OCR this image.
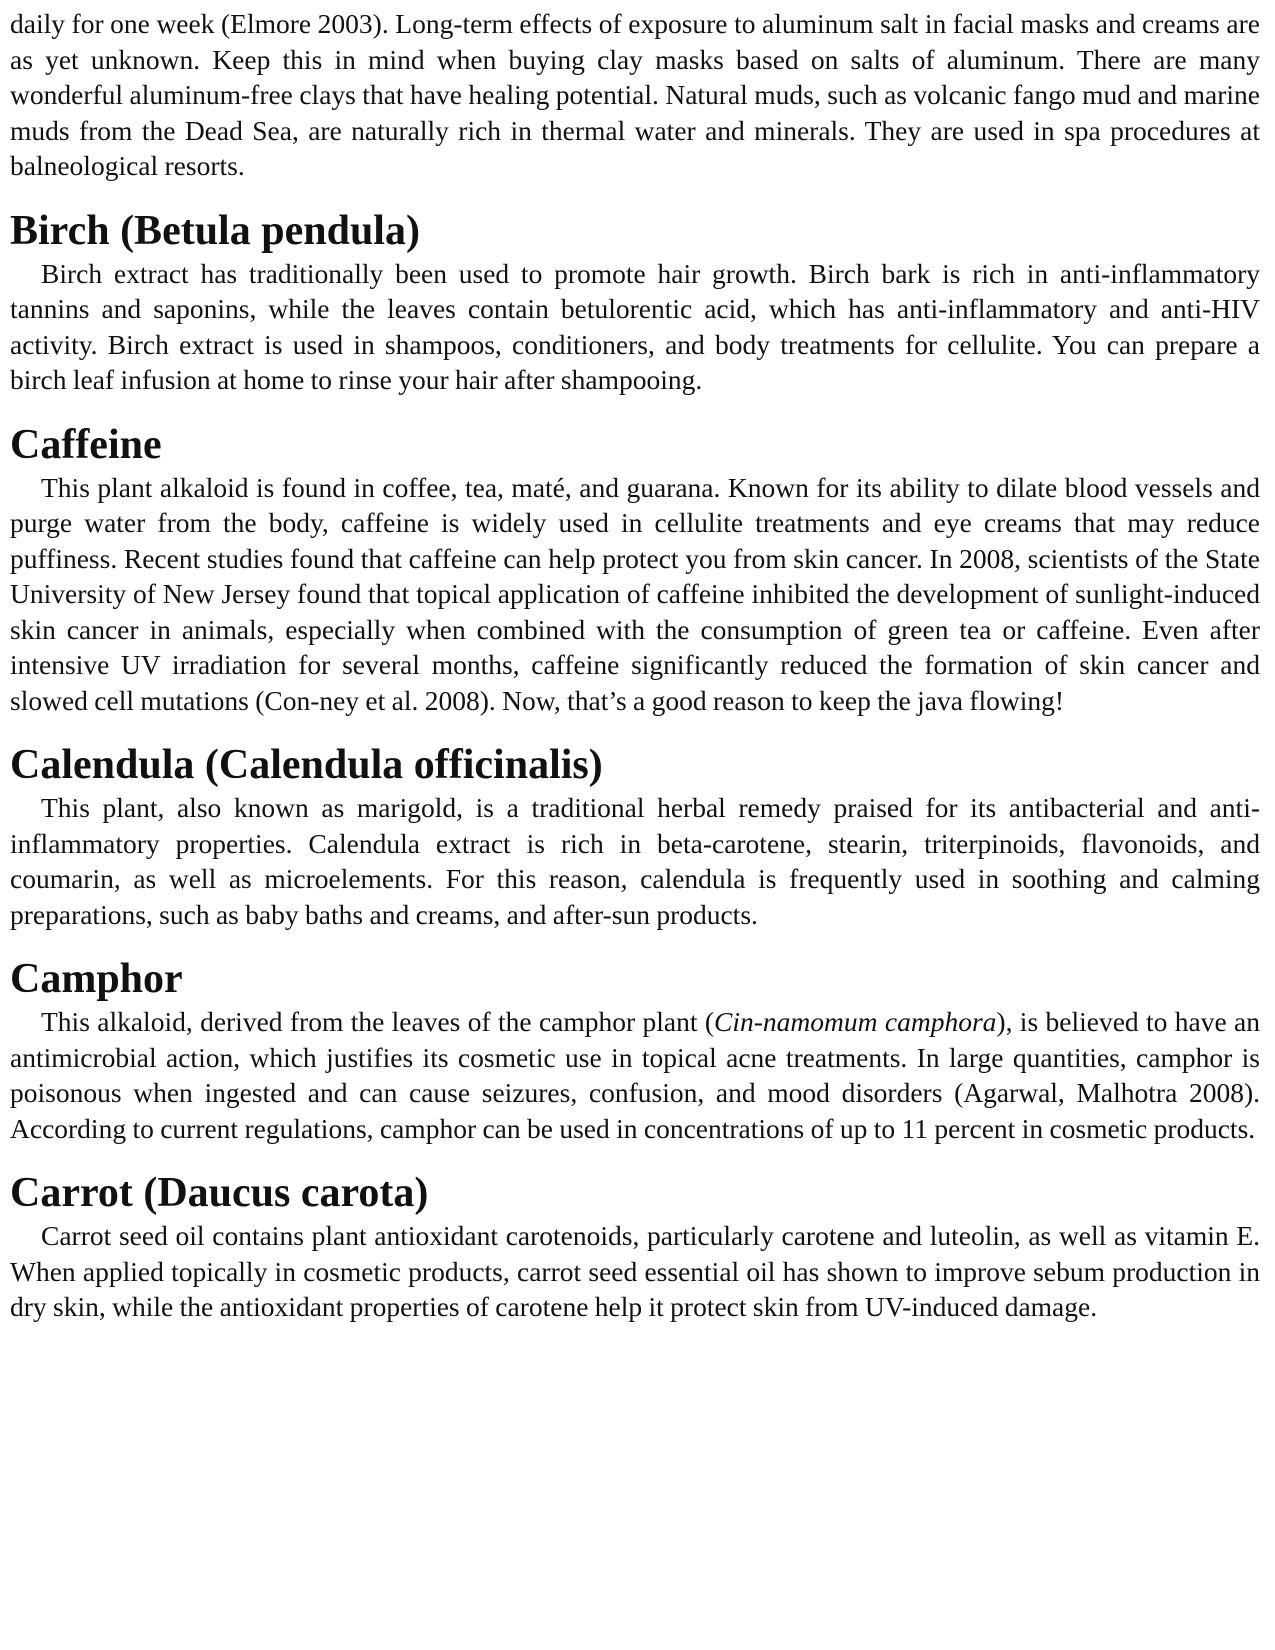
daily for one week (Elmore 2003). Long-term effects of exposure to aluminum salt in facial masks and creams are as yet unknown. Keep this in mind when buying clay masks based on salts of aluminum. There are many wonderful aluminum-free clays that have healing potential. Natural muds, such as volcanic fango mud and marine muds from the Dead Sea, are naturally rich in thermal water and minerals. They are used in spa procedures at balneological resorts.

Birch (Betula pendula)

Birch extract has traditionally been used to promote hair growth. Birch bark is rich in anti-inflammatory tannins and saponins, while the leaves contain betulorentic acid, which has anti-inflammatory and anti-HIV activity. Birch extract is used in shampoos, conditioners, and body treatments for cellulite. You can prepare a birch leaf infusion at home to rinse your hair after shampooing.

Caffeine

This plant alkaloid is found in coffee, tea, maté, and guarana. Known for its ability to dilate blood vessels and purge water from the body, caffeine is widely used in cellulite treatments and eye creams that may reduce puffiness. Recent studies found that caffeine can help protect you from skin cancer. In 2008, scientists of the State University of New Jersey found that topical application of caffeine inhibited the development of sunlight-induced skin cancer in animals, especially when combined with the consumption of green tea or caffeine. Even after intensive UV irradiation for several months, caffeine significantly reduced the formation of skin cancer and slowed cell mutations (Con-ney et al. 2008). Now, that’s a good reason to keep the java flowing!

Calendula (Calendula officinalis)

This plant, also known as marigold, is a traditional herbal remedy praised for its antibacterial and anti-inflammatory properties. Calendula extract is rich in beta-carotene, stearin, triterpinoids, flavonoids, and coumarin, as well as microelements. For this reason, calendula is frequently used in soothing and calming preparations, such as baby baths and creams, and after-sun products.

Camphor

This alkaloid, derived from the leaves of the camphor plant (Cin-namomum camphora), is believed to have an antimicrobial action, which justifies its cosmetic use in topical acne treatments. In large quantities, camphor is poisonous when ingested and can cause seizures, confusion, and mood disorders (Agarwal, Malhotra 2008). According to current regulations, camphor can be used in concentrations of up to 11 percent in cosmetic products.

Carrot (Daucus carota)

Carrot seed oil contains plant antioxidant carotenoids, particularly carotene and luteolin, as well as vitamin E. When applied topically in cosmetic products, carrot seed essential oil has shown to improve sebum production in dry skin, while the antioxidant properties of carotene help it protect skin from UV-induced damage.
